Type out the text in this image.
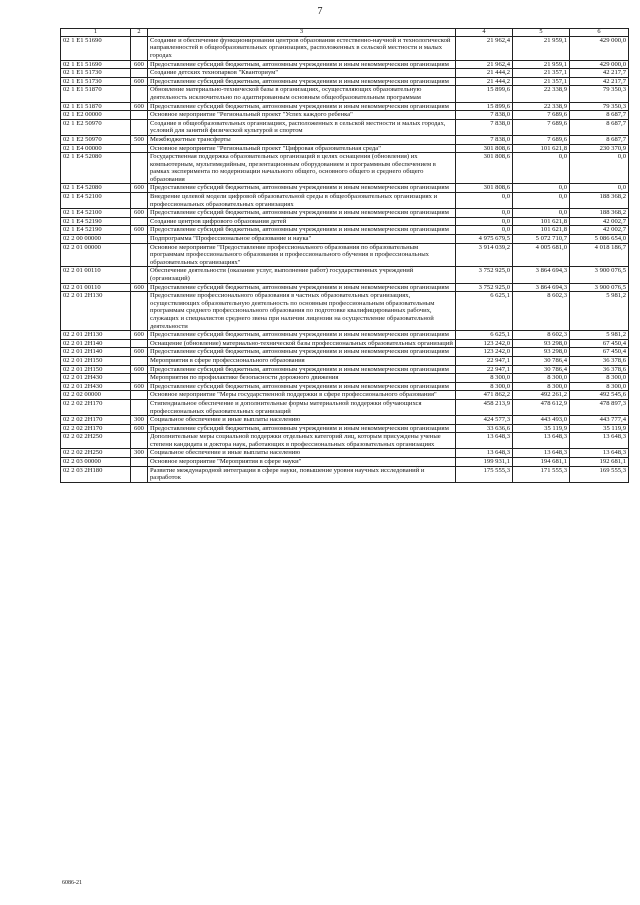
7
1	2	3	4	5	6
02 1 E1 51690		Создание и обеспечение функционирования центров образования естественно-научной и технологической направленностей в общеобразовательных организациях, расположенных в сельской местности и малых городах	21 962,4	21 959,1	429 000,0
02 1 E1 51690	600	Предоставление субсидий бюджетным, автономным учреждениям и иным некоммерческим организациям	21 962,4	21 959,1	429 000,0
02 1 E1 51730		Создание детских технопарков "Кванториум"	21 444,2	21 357,1	42 217,7
02 1 E1 51730	600	Предоставление субсидий бюджетным, автономным учреждениям и иным некоммерческим организациям	21 444,2	21 357,1	42 217,7
02 1 E1 51870		Обновление материально-технической базы в организациях, осуществляющих образовательную деятельность исключительно по адаптированным основным общеобразовательным программам	15 899,6	22 338,9	79 350,3
02 1 E1 51870	600	Предоставление субсидий бюджетным, автономным учреждениям и иным некоммерческим организациям	15 899,6	22 338,9	79 350,3
02 1 E2 00000		Основное мероприятие "Региональный проект "Успех каждого ребенка"	7 838,0	7 689,6	8 687,7
02 1 E2 50970		Создание в общеобразовательных организациях, расположенных в сельской местности и малых городах, условий для занятий физической культурой и спортом	7 838,0	7 689,6	8 687,7
02 1 E2 50970	500	Межбюджетные трансферты	7 838,0	7 689,6	8 687,7
02 1 E4 00000		Основное мероприятие "Региональный проект "Цифровая образовательная среда"	301 808,6	101 621,8	230 370,9
02 1 E4 52080		Государственная поддержка образовательных организаций в целях оснащения (обновления) их компьютерным, мультимедийным, презентационным оборудованием и программным обеспечением в рамках эксперимента по модернизации начального общего, основного общего и среднего общего образования	301 808,6	0,0	0,0
02 1 E4 52080	600	Предоставление субсидий бюджетным, автономным учреждениям и иным некоммерческим организациям	301 808,6	0,0	0,0
02 1 E4 52100		Внедрение целевой модели цифровой образовательной среды в общеобразовательных организациях и профессиональных образовательных организациях	0,0	0,0	188 368,2
02 1 E4 52100	600	Предоставление субсидий бюджетным, автономным учреждениям и иным некоммерческим организациям	0,0	0,0	188 368,2
02 1 E4 52190		Создание центров цифрового образования детей	0,0	101 621,8	42 002,7
02 1 E4 52190	600	Предоставление субсидий бюджетным, автономным учреждениям и иным некоммерческим организациям	0,0	101 621,8	42 002,7
02 2 00 00000		Подпрограмма "Профессиональное образование и наука"	4 975 679,5	5 072 710,7	5 086 654,0
02 2 01 00000		Основное мероприятие "Предоставление профессионального образования по образовательным программам профессионального образования и профессионального обучения в профессиональных образовательных организациях"	3 914 039,2	4 005 681,0	4 018 186,7
02 2 01 00110		Обеспечение деятельности (оказание услуг, выполнение работ) государственных учреждений (организаций)	3 752 925,0	3 864 694,3	3 900 076,5
02 2 01 00110	600	Предоставление субсидий бюджетным, автономным учреждениям и иным некоммерческим организациям	3 752 925,0	3 864 694,3	3 900 076,5
02 2 01 2H130		Предоставление профессионального образования в частных образовательных организациях, осуществляющих образовательную деятельность по основным профессиональным образовательным программам среднего профессионального образования по подготовке квалифицированных рабочих, служащих и специалистов среднего звена при наличии лицензии на осуществление образовательной деятельности	6 625,1	8 602,3	5 981,2
02 2 01 2H130	600	Предоставление субсидий бюджетным, автономным учреждениям и иным некоммерческим организациям	6 625,1	8 602,3	5 981,2
02 2 01 2H140		Оснащение (обновление) материально-технической базы профессиональных образовательных организаций	123 242,0	93 298,0	67 450,4
02 2 01 2H140	600	Предоставление субсидий бюджетным, автономным учреждениям и иным некоммерческим организациям	123 242,0	93 298,0	67 450,4
02 2 01 2H150		Мероприятия в сфере профессионального образования	22 947,1	30 786,4	36 378,6
02 2 01 2H150	600	Предоставление субсидий бюджетным, автономным учреждениям и иным некоммерческим организациям	22 947,1	30 786,4	36 378,6
02 2 01 2H430		Мероприятия по профилактике безопасности дорожного движения	8 300,0	8 300,0	8 300,0
02 2 01 2H430	600	Предоставление субсидий бюджетным, автономным учреждениям и иным некоммерческим организациям	8 300,0	8 300,0	8 300,0
02 2 02 00000		Основное мероприятие "Меры государственной поддержки в сфере профессионального образования"	471 862,2	492 261,2	492 545,6
02 2 02 2H170		Стипендиальное обеспечение и дополнительные формы материальной поддержки обучающихся профессиональных образовательных организаций	458 213,9	478 612,9	478 897,3
02 2 02 2H170	300	Социальное обеспечение и иные выплаты населению	424 577,3	443 493,0	443 777,4
02 2 02 2H170	600	Предоставление субсидий бюджетным, автономным учреждениям и иным некоммерческим организациям	33 636,6	35 119,9	35 119,9
02 2 02 2H250		Дополнительные меры социальной поддержки отдельных категорий лиц, которым присуждены ученые степени кандидата и доктора наук, работающих в профессиональных образовательных организациях	13 648,3	13 648,3	13 648,3
02 2 02 2H250	300	Социальное обеспечение и иные выплаты населению	13 648,3	13 648,3	13 648,3
02 2 03 00000		Основное мероприятие "Мероприятия в сфере науки"	199 931,1	194 681,1	192 681,1
02 2 03 2H180		Развитие международной интеграции в сфере науки, повышение уровня научных исследований и разработок	175 555,3	171 555,3	169 555,3
6086-21
